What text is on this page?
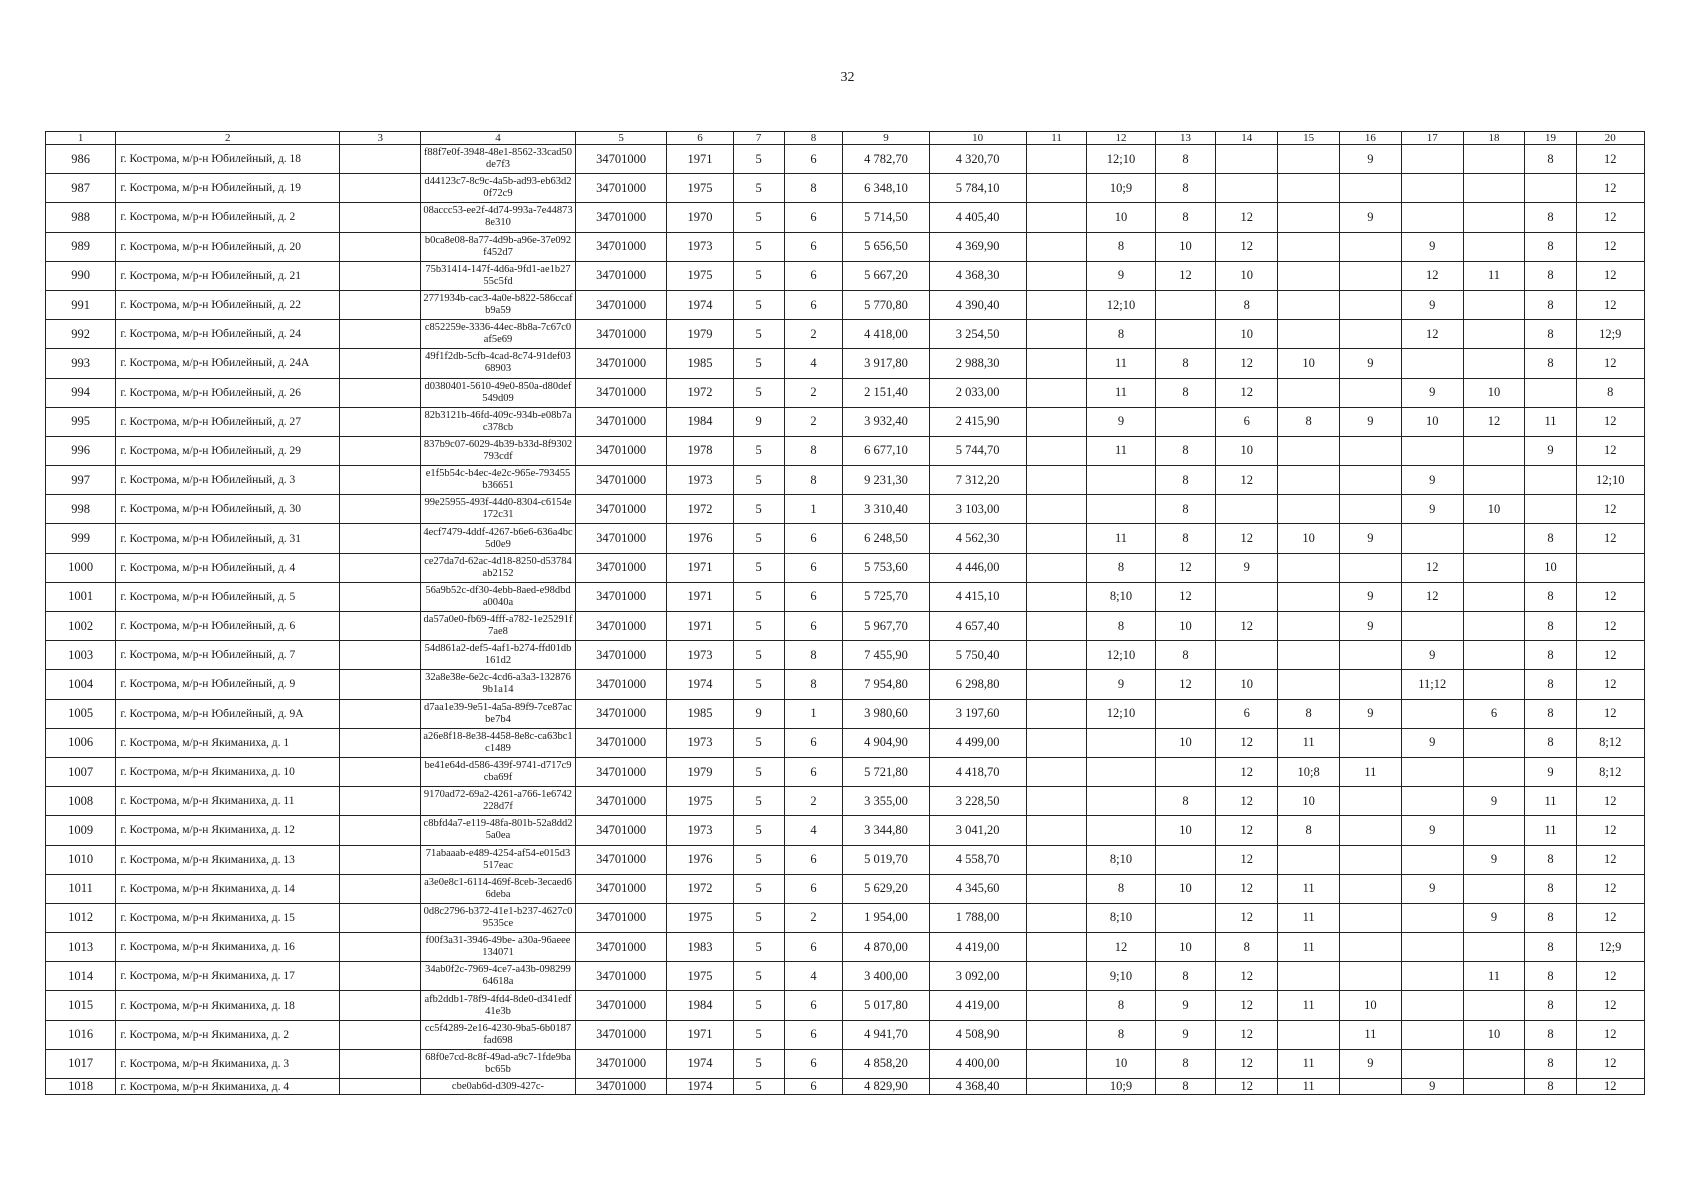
32
1	2	3	4	5	6	7	8	9	10	11	12	13	14	15	16	17	18	19	20
986	г. Кострома, м/р-н Юбилейный, д. 18		f88f7e0f-3948-48e1-8562-33cad50de7f3	34701000	1971	5	6	4 782,70	4 320,70		12;10	8			9			8	12
987	г. Кострома, м/р-н Юбилейный, д. 19		d44123c7-8c9c-4a5b-ad93-eb63d20f72c9	34701000	1975	5	8	6 348,10	5 784,10		10;9	8							12
988	г. Кострома, м/р-н Юбилейный, д. 2		08accc53-ee2f-4d74-993a-7e448738e310	34701000	1970	5	6	5 714,50	4 405,40		10	8	12		9			8	12
989	г. Кострома, м/р-н Юбилейный, д. 20		b0ca8e08-8a77-4d9b-a96e-37e092f452d7	34701000	1973	5	6	5 656,50	4 369,90		8	10	12			9		8	12
990	г. Кострома, м/р-н Юбилейный, д. 21		75b31414-147f-4d6a-9fd1-ae1b2755c5fd	34701000	1975	5	6	5 667,20	4 368,30		9	12	10			12	11	8	12
991	г. Кострома, м/р-н Юбилейный, д. 22		2771934b-cac3-4a0e-b822-586ccafb9a59	34701000	1974	5	6	5 770,80	4 390,40		12;10		8			9		8	12
992	г. Кострома, м/р-н Юбилейный, д. 24		c852259e-3336-44ec-8b8a-7c67c0af5e69	34701000	1979	5	2	4 418,00	3 254,50		8		10			12		8	12;9
993	г. Кострома, м/р-н Юбилейный, д. 24А		49f1f2db-5cfb-4cad-8c74-91def0368903	34701000	1985	5	4	3 917,80	2 988,30		11	8	12	10	9			8	12
994	г. Кострома, м/р-н Юбилейный, д. 26		d0380401-5610-49e0-850a-d80def549d09	34701000	1972	5	2	2 151,40	2 033,00		11	8	12			9	10		8
995	г. Кострома, м/р-н Юбилейный, д. 27		82b3121b-46fd-409c-934b-e08b7ac378cb	34701000	1984	9	2	3 932,40	2 415,90		9		6	8	9	10	12	11	12
996	г. Кострома, м/р-н Юбилейный, д. 29		837b9c07-6029-4b39-b33d-8f9302793cdf	34701000	1978	5	8	6 677,10	5 744,70		11	8	10					9	12
997	г. Кострома, м/р-н Юбилейный, д. 3		e1f5b54c-b4ec-4e2c-965e-793455b36651	34701000	1973	5	8	9 231,30	7 312,20			8	12			9			12;10
998	г. Кострома, м/р-н Юбилейный, д. 30		99e25955-493f-44d0-8304-c6154e172c31	34701000	1972	5	1	3 310,40	3 103,00			8				9	10		12
999	г. Кострома, м/р-н Юбилейный, д. 31		4ecf7479-4ddf-4267-b6e6-636a4bc5d0e9	34701000	1976	5	6	6 248,50	4 562,30		11	8	12	10	9			8	12
1000	г. Кострома, м/р-н Юбилейный, д. 4		ce27da7d-62ac-4d18-8250-d53784ab2152	34701000	1971	5	6	5 753,60	4 446,00		8	12	9			12		10	
1001	г. Кострома, м/р-н Юбилейный, д. 5		56a9b52c-df30-4ebb-8aed-e98dbda0040a	34701000	1971	5	6	5 725,70	4 415,10		8;10	12			9	12		8	12
1002	г. Кострома, м/р-н Юбилейный, д. 6		da57a0e0-fb69-4fff-a782-1e25291f7ae8	34701000	1971	5	6	5 967,70	4 657,40		8	10	12		9			8	12
1003	г. Кострома, м/р-н Юбилейный, д. 7		54d861a2-def5-4af1-b274-ffd01db161d2	34701000	1973	5	8	7 455,90	5 750,40		12;10	8				9		8	12
1004	г. Кострома, м/р-н Юбилейный, д. 9		32a8e38e-6e2c-4cd6-a3a3-1328769b1a14	34701000	1974	5	8	7 954,80	6 298,80		9	12	10			11;12		8	12
1005	г. Кострома, м/р-н Юбилейный, д. 9А		d7aa1e39-9e51-4a5a-89f9-7ce87acbe7b4	34701000	1985	9	1	3 980,60	3 197,60		12;10		6	8	9		6	8	12
1006	г. Кострома, м/р-н Якиманиха, д. 1		a26e8f18-8e38-4458-8e8c-ca63bc1c1489	34701000	1973	5	6	4 904,90	4 499,00			10	12	11		9		8	8;12
1007	г. Кострома, м/р-н Якиманиха, д. 10		be41e64d-d586-439f-9741-d717c9cba69f	34701000	1979	5	6	5 721,80	4 418,70				12	10;8	11			9	8;12
1008	г. Кострома, м/р-н Якиманиха, д. 11		9170ad72-69a2-4261-a766-1e6742228d7f	34701000	1975	5	2	3 355,00	3 228,50			8	12	10			9	11	12
1009	г. Кострома, м/р-н Якиманиха, д. 12		c8bfd4a7-e119-48fa-801b-52a8dd25a0ea	34701000	1973	5	4	3 344,80	3 041,20			10	12	8		9		11	12
1010	г. Кострома, м/р-н Якиманиха, д. 13		71abaaab-e489-4254-af54-e015d3517eac	34701000	1976	5	6	5 019,70	4 558,70		8;10		12				9	8	12
1011	г. Кострома, м/р-н Якиманиха, д. 14		a3e0e8c1-6114-469f-8ceb-3ecaed66deba	34701000	1972	5	6	5 629,20	4 345,60		8	10	12	11		9		8	12
1012	г. Кострома, м/р-н Якиманиха, д. 15		0d8c2796-b372-41e1-b237-4627c09535ce	34701000	1975	5	2	1 954,00	1 788,00		8;10		12	11			9	8	12
1013	г. Кострома, м/р-н Якиманиха, д. 16		f00f3a31-3946-49be- a30a-96aeee134071	34701000	1983	5	6	4 870,00	4 419,00		12	10	8	11				8	12;9
1014	г. Кострома, м/р-н Якиманиха, д. 17		34ab0f2c-7969-4ce7-a43b-09829964618a	34701000	1975	5	4	3 400,00	3 092,00		9;10	8	12				11	8	12
1015	г. Кострома, м/р-н Якиманиха, д. 18		afb2ddb1-78f9-4fd4-8de0-d341edf41e3b	34701000	1984	5	6	5 017,80	4 419,00		8	9	12	11	10			8	12
1016	г. Кострома, м/р-н Якиманиха, д. 2		cc5f4289-2e16-4230-9ba5-6b0187fad698	34701000	1971	5	6	4 941,70	4 508,90		8	9	12		11		10	8	12
1017	г. Кострома, м/р-н Якиманиха, д. 3		68f0e7cd-8c8f-49ad-a9c7-1fde9babc65b	34701000	1974	5	6	4 858,20	4 400,00		10	8	12	11	9			8	12
1018	г. Кострома, м/р-н Якиманиха, д. 4		cbe0ab6d-d309-427c-	34701000	1974	5	6	4 829,90	4 368,40		10;9	8	12	11		9		8	12
